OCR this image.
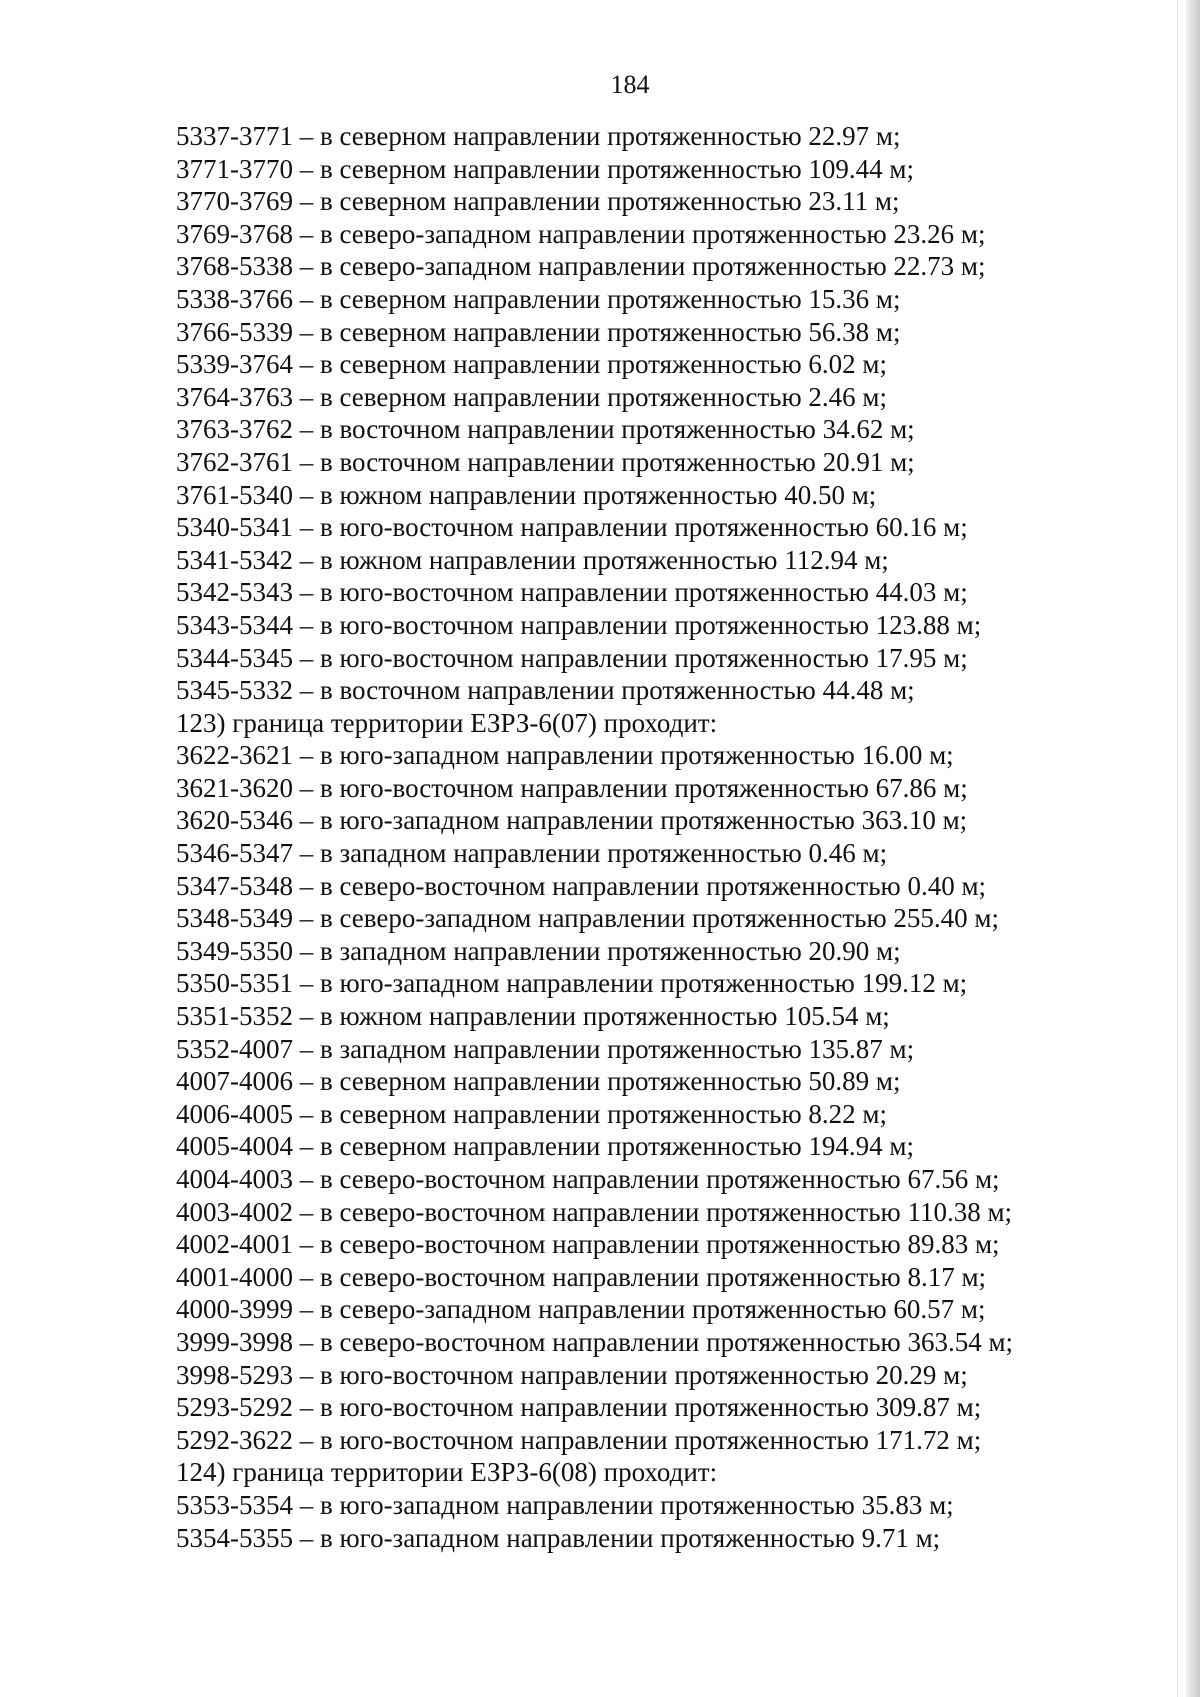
184
5337-3771 – в северном направлении протяженностью 22.97 м;
3771-3770 – в северном направлении протяженностью 109.44 м;
3770-3769 – в северном направлении протяженностью 23.11 м;
3769-3768 – в северо-западном направлении протяженностью 23.26 м;
3768-5338 – в северо-западном направлении протяженностью 22.73 м;
5338-3766 – в северном направлении протяженностью 15.36 м;
3766-5339 – в северном направлении протяженностью 56.38 м;
5339-3764 – в северном направлении протяженностью 6.02 м;
3764-3763 – в северном направлении протяженностью 2.46 м;
3763-3762 – в восточном направлении протяженностью 34.62 м;
3762-3761 – в восточном направлении протяженностью 20.91 м;
3761-5340 – в южном направлении протяженностью 40.50 м;
5340-5341 – в юго-восточном направлении протяженностью 60.16 м;
5341-5342 – в южном направлении протяженностью 112.94 м;
5342-5343 – в юго-восточном направлении протяженностью 44.03 м;
5343-5344 – в юго-восточном направлении протяженностью 123.88 м;
5344-5345 – в юго-восточном направлении протяженностью 17.95 м;
5345-5332 – в восточном направлении протяженностью 44.48 м;
123) граница территории ЕЗРЗ-6(07) проходит:
3622-3621 – в юго-западном направлении протяженностью 16.00 м;
3621-3620 – в юго-восточном направлении протяженностью 67.86 м;
3620-5346 – в юго-западном направлении протяженностью 363.10 м;
5346-5347 – в западном направлении протяженностью 0.46 м;
5347-5348 – в северо-восточном направлении протяженностью 0.40 м;
5348-5349 – в северо-западном направлении протяженностью 255.40 м;
5349-5350 – в западном направлении протяженностью 20.90 м;
5350-5351 – в юго-западном направлении протяженностью 199.12 м;
5351-5352 – в южном направлении протяженностью 105.54 м;
5352-4007 – в западном направлении протяженностью 135.87 м;
4007-4006 – в северном направлении протяженностью 50.89 м;
4006-4005 – в северном направлении протяженностью 8.22 м;
4005-4004 – в северном направлении протяженностью 194.94 м;
4004-4003 – в северо-восточном направлении протяженностью 67.56 м;
4003-4002 – в северо-восточном направлении протяженностью 110.38 м;
4002-4001 – в северо-восточном направлении протяженностью 89.83 м;
4001-4000 – в северо-восточном направлении протяженностью 8.17 м;
4000-3999 – в северо-западном направлении протяженностью 60.57 м;
3999-3998 – в северо-восточном направлении протяженностью 363.54 м;
3998-5293 – в юго-восточном направлении протяженностью 20.29 м;
5293-5292 – в юго-восточном направлении протяженностью 309.87 м;
5292-3622 – в юго-восточном направлении протяженностью 171.72 м;
124) граница территории ЕЗРЗ-6(08) проходит:
5353-5354 – в юго-западном направлении протяженностью 35.83 м;
5354-5355 – в юго-западном направлении протяженностью 9.71 м;
